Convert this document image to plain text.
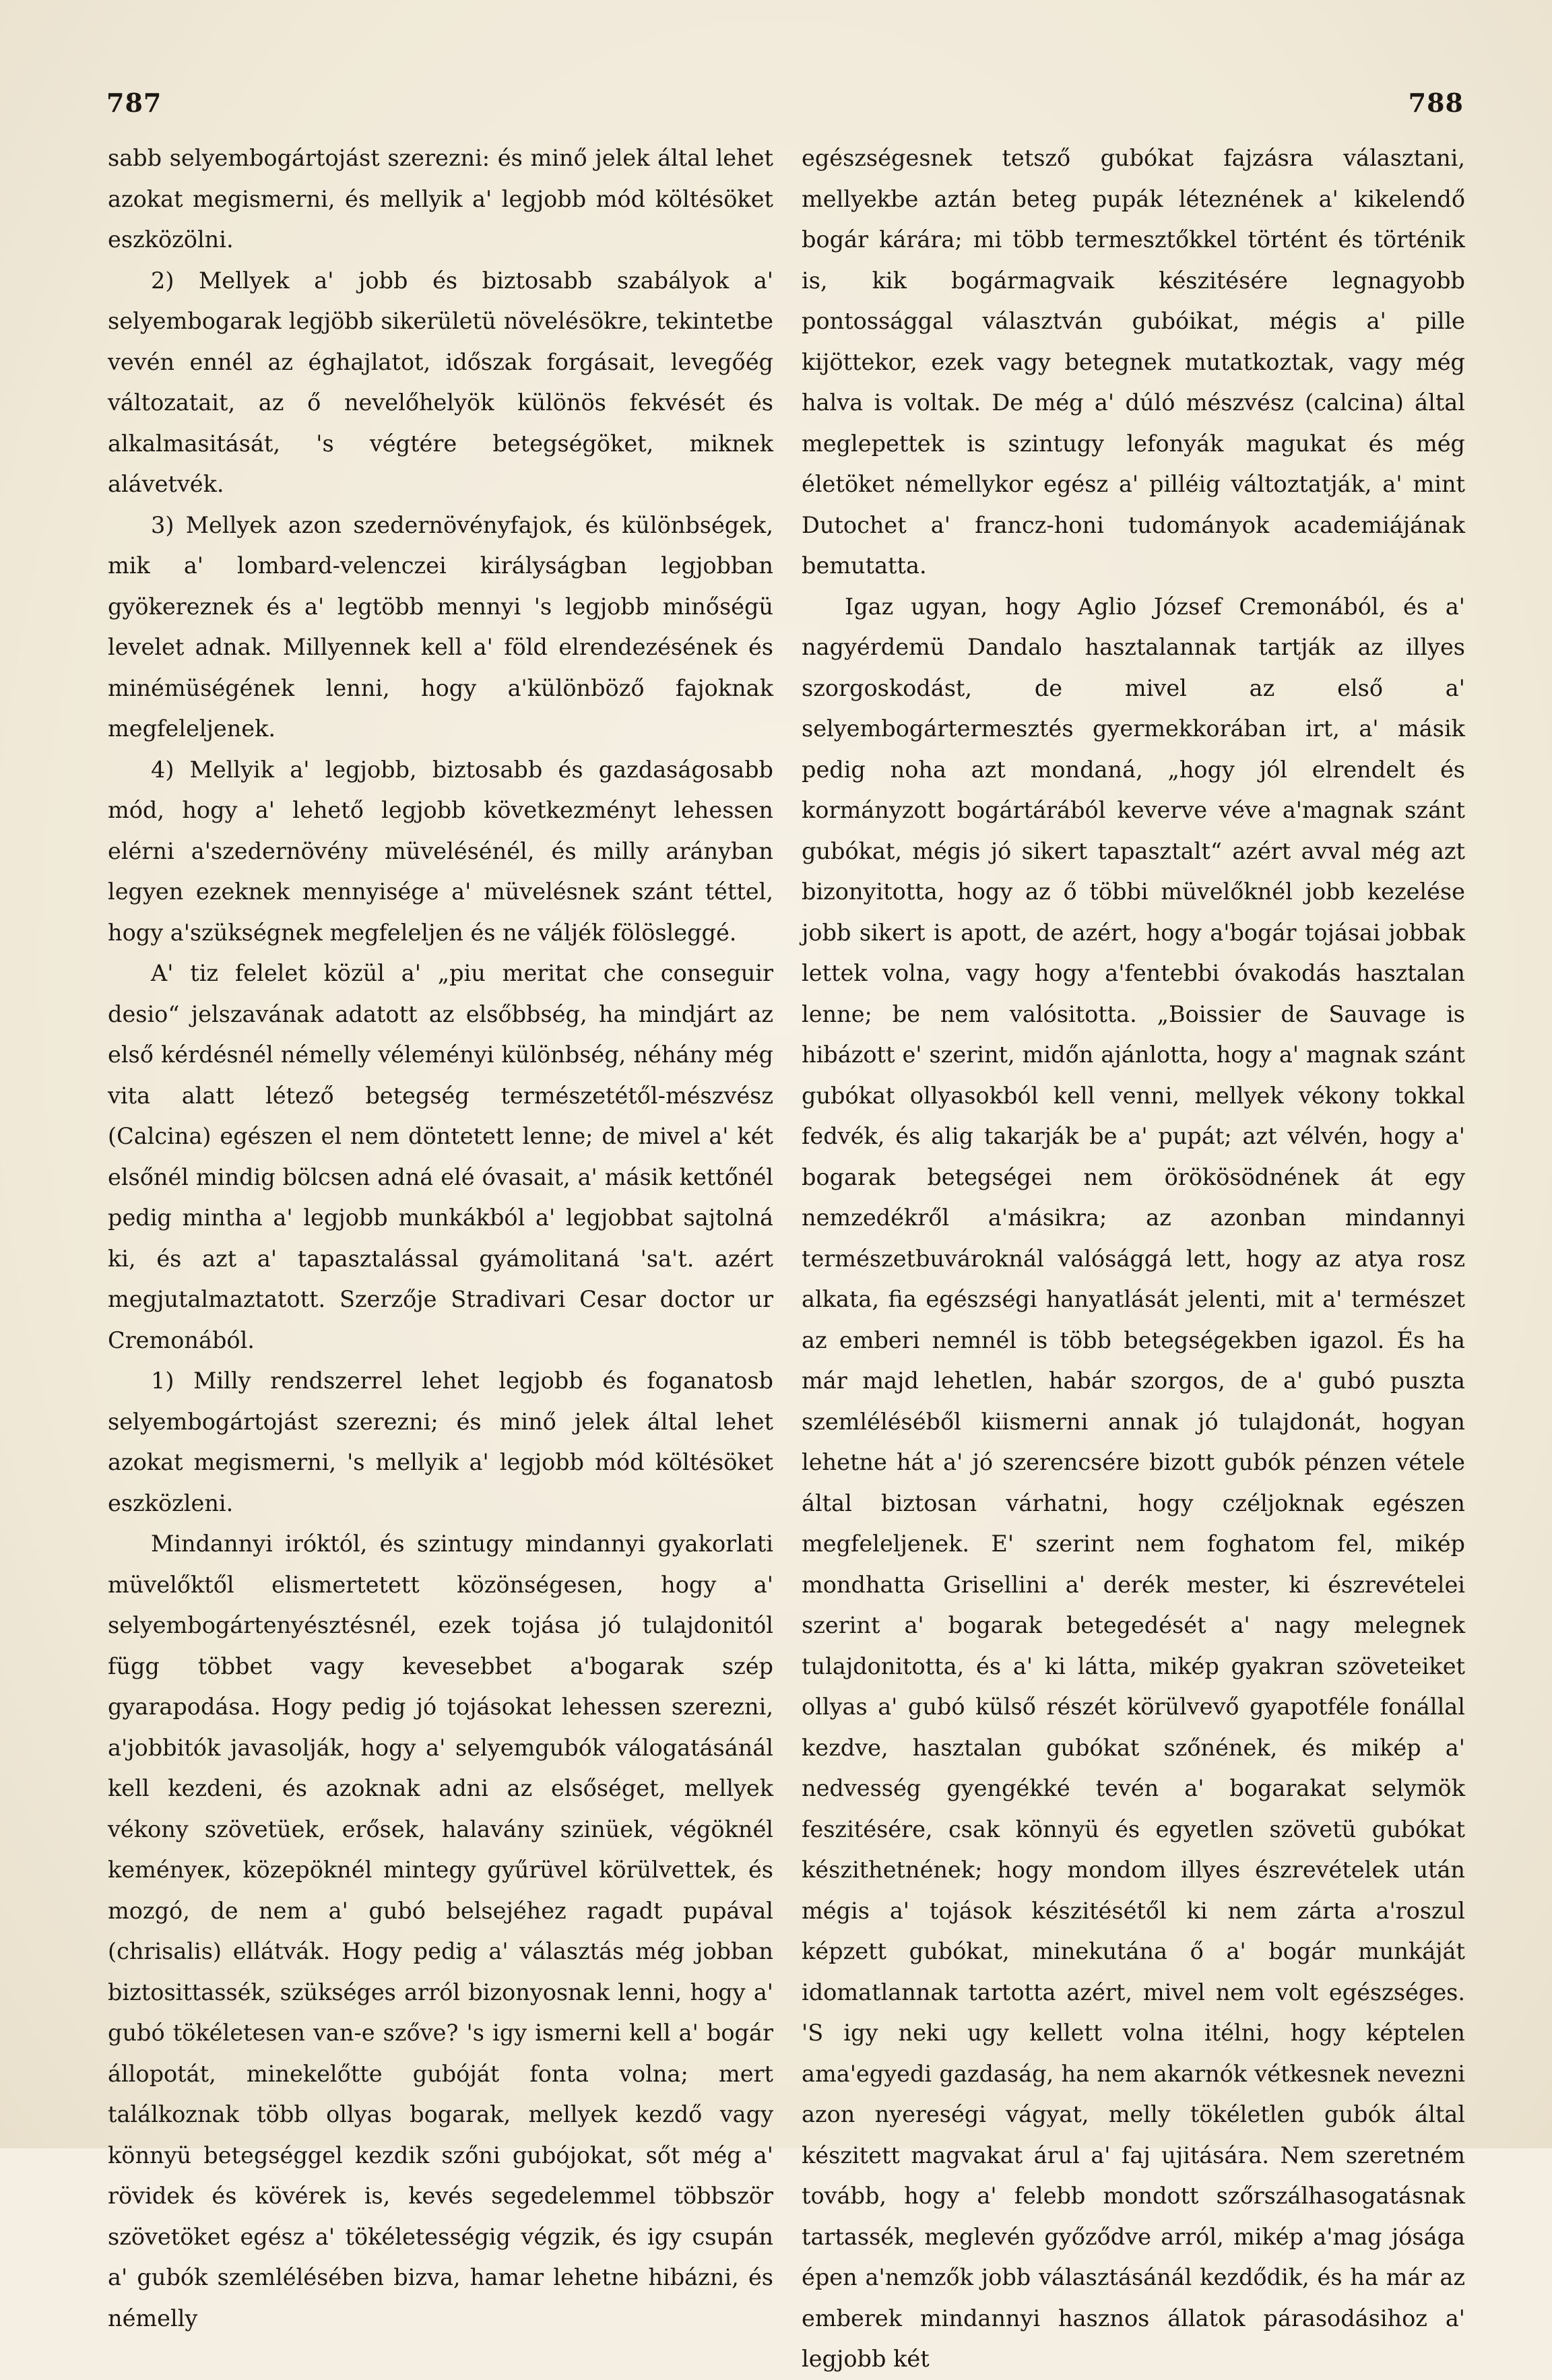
787	788

sabb selyembogártojást szerezni: és minő jelek által lehet azokat megismerni, és mellyik a' legjobb mód költésöket eszközölni.

2) Mellyek a' jobb és biztosabb szabályok a' selyembogarak legjöbb sikerületü növelésökre, tekintetbe vevén ennél az éghajlatot, időszak forgásait, levegőég változatait, az ő nevelőhelyök különös fekvését és alkalmasitását, 's végtére betegségöket, miknek alávetvék.

3) Mellyek azon szedernövényfajok, és különbségek, mik a' lombard-velenczei királyságban legjobban gyökereznek és a' legtöbb mennyi 's legjobb minőségü levelet adnak. Millyennek kell a' föld elrendezésének és minémüségének lenni, hogy a'különböző fajoknak megfeleljenek.

4) Mellyik a' legjobb, biztosabb és gazdaságosabb mód, hogy a' lehető legjobb következményt lehessen elérni a'szedernövény müvelésénél, és milly arányban legyen ezeknek mennyisége a' müvelésnek szánt téttel, hogy a'szükségnek megfeleljen és ne váljék fölösleggé.

A' tiz felelet közül a' „piu meritat che conseguir desio“ jelszavának adatott az elsőbbség, ha mindjárt az első kérdésnél némelly véleményi különbség, néhány még vita alatt létező betegség természetétől-mészvész (Calcina) egészen el nem döntetett lenne; de mivel a' két elsőnél mindig bölcsen adná elé óvasait, a' másik kettőnél pedig mintha a' legjobb munkákból a' legjobbat sajtolná ki, és azt a' tapasztalással gyámolitaná 'sa't. azért megjutalmaztatott. Szerzője Stradivari Cesar doctor ur Cremonából.

1) Milly rendszerrel lehet legjobb és foganatosb selyembogártojást szerezni; és minő jelek által lehet azokat megismerni, 's mellyik a' legjobb mód költésöket eszközleni.

Mindannyi iróktól, és szintugy mindannyi gyakorlati müvelőktől elismertetett közönségesen, hogy a' selyembogártenyésztésnél, ezek tojása jó tulajdonitól függ többet vagy kevesebbet a'bogarak szép gyarapodása. Hogy pedig jó tojásokat lehessen szerezni, a'jobbitók javasolják, hogy a' selyemgubók válogatásánál kell kezdeni, és azoknak adni az elsőséget, mellyek vékony szövetüek, erősek, halavány szinüek, végöknél keményeк, közepöknél mintegy gyűrüvel körülvettek, és mozgó, de nem a' gubó belsejéhez ragadt pupával (chrisalis) ellátvák. Hogy pedig a' választás még jobban biztosittassék, szükséges arról bizonyosnak lenni, hogy a' gubó tökéletesen van-e szőve? 's igy ismerni kell a' bogár állopotát, minekelőtte gubóját fonta volna; mert találkoznak több ollyas bogarak, mellyek kezdő vagy könnyü betegséggel kezdik szőni gubójokat, sőt még a' rövidek és kövérek is, kevés segedelemmel többször szövetöket egész a' tökéletességig végzik, és igy csupán a' gubók szemlélésében bizva, hamar lehetne hibázni, és némelly

egészségesnek tetsző gubókat fajzásra választani, mellyekbe aztán beteg pupák léteznének a' kikelendő bogár kárára; mi több termesztőkkel történt és történik is, kik bogármagvaik készitésére legnagyobb pontossággal választván gubóikat, mégis a' pille kijöttekor, ezek vagy betegnek mutatkoztak, vagy még halva is voltak. De még a' dúló mészvész (calcina) által meglepettek is szintugy lefonyák magukat és még életöket némellykor egész a' pilléig változtatják, a' mint Dutochet a' francz-honi tudományok academiájának bemutatta.

Igaz ugyan, hogy Aglio József Cremonából, és a' nagyérdemü Dandalo hasztalannak tartják az illyes szorgoskodást, de mivel az első a' selyembogártermesztés gyermekkorában irt, a' másik pedig noha azt mondaná, „hogy jól elrendelt és kormányzott bogártárából keverve véve a'magnak szánt gubókat, mégis jó sikert tapasztalt“ azért avval még azt bizonyitotta, hogy az ő többi müvelőknél jobb kezelése jobb sikert is apott, de azért, hogy a'bogár tojásai jobbak lettek volna, vagy hogy a'fentebbi óvakodás hasztalan lenne; be nem valósitotta. „Boissier de Sauvage is hibázott e' szerint, midőn ajánlotta, hogy a' magnak szánt gubókat ollyasokból kell venni, mellyek vékony tokkal fedvék, és alig takarják be a' pupát; azt vélvén, hogy a' bogarak betegségei nem örökösödnének át egy nemzedékről a'másikra; az azonban mindannyi természetbuvároknál valósággá lett, hogy az atya rosz alkata, fia egészségi hanyatlását jelenti, mit a' természet az emberi nemnél is több betegségekben igazol. És ha már majd lehetlen, habár szorgos, de a' gubó puszta szemléléséből kiismerni annak jó tulajdonát, hogyan lehetne hát a' jó szerencsére bizott gubók pénzen vétele által biztosan várhatni, hogy czéljoknak egészen megfeleljenek. E' szerint nem foghatom fel, mikép mondhatta Grisellini a' derék mester, ki észrevételei szerint a' bogarak betegedését a' nagy melegnek tulajdonitotta, és a' ki látta, mikép gyakran szöveteiket ollyas a' gubó külső részét körülvevő gyapotféle fonállal kezdve, hasztalan gubókat szőnének, és mikép a' nedvesség gyengékké tevén a' bogarakat selymök feszitésére, csak könnyü és egyetlen szövetü gubókat készithetnének; hogy mondom illyes észrevételek után mégis a' tojások készitésétől ki nem zárta a'roszul képzett gubókat, minekutána ő a' bogár munkáját idomatlannak tartotta azért, mivel nem volt egészséges. 'S igy neki ugy kellett volna itélni, hogy képtelen ama'egyedi gazdaság, ha nem akarnók vétkesnek nevezni azon nyereségi vágyat, melly tökéletlen gubók által készitett magvakat árul a' faj ujitására. Nem szeretném tovább, hogy a' felebb mondott szőrszálhasogatásnak tartassék, meglevén győződve arról, mikép a'mag jósága épen a'nemzők jobb választásánál kezdődik, és ha már az emberek mindannyi hasznos állatok párasodásihoz a' legjobb két
